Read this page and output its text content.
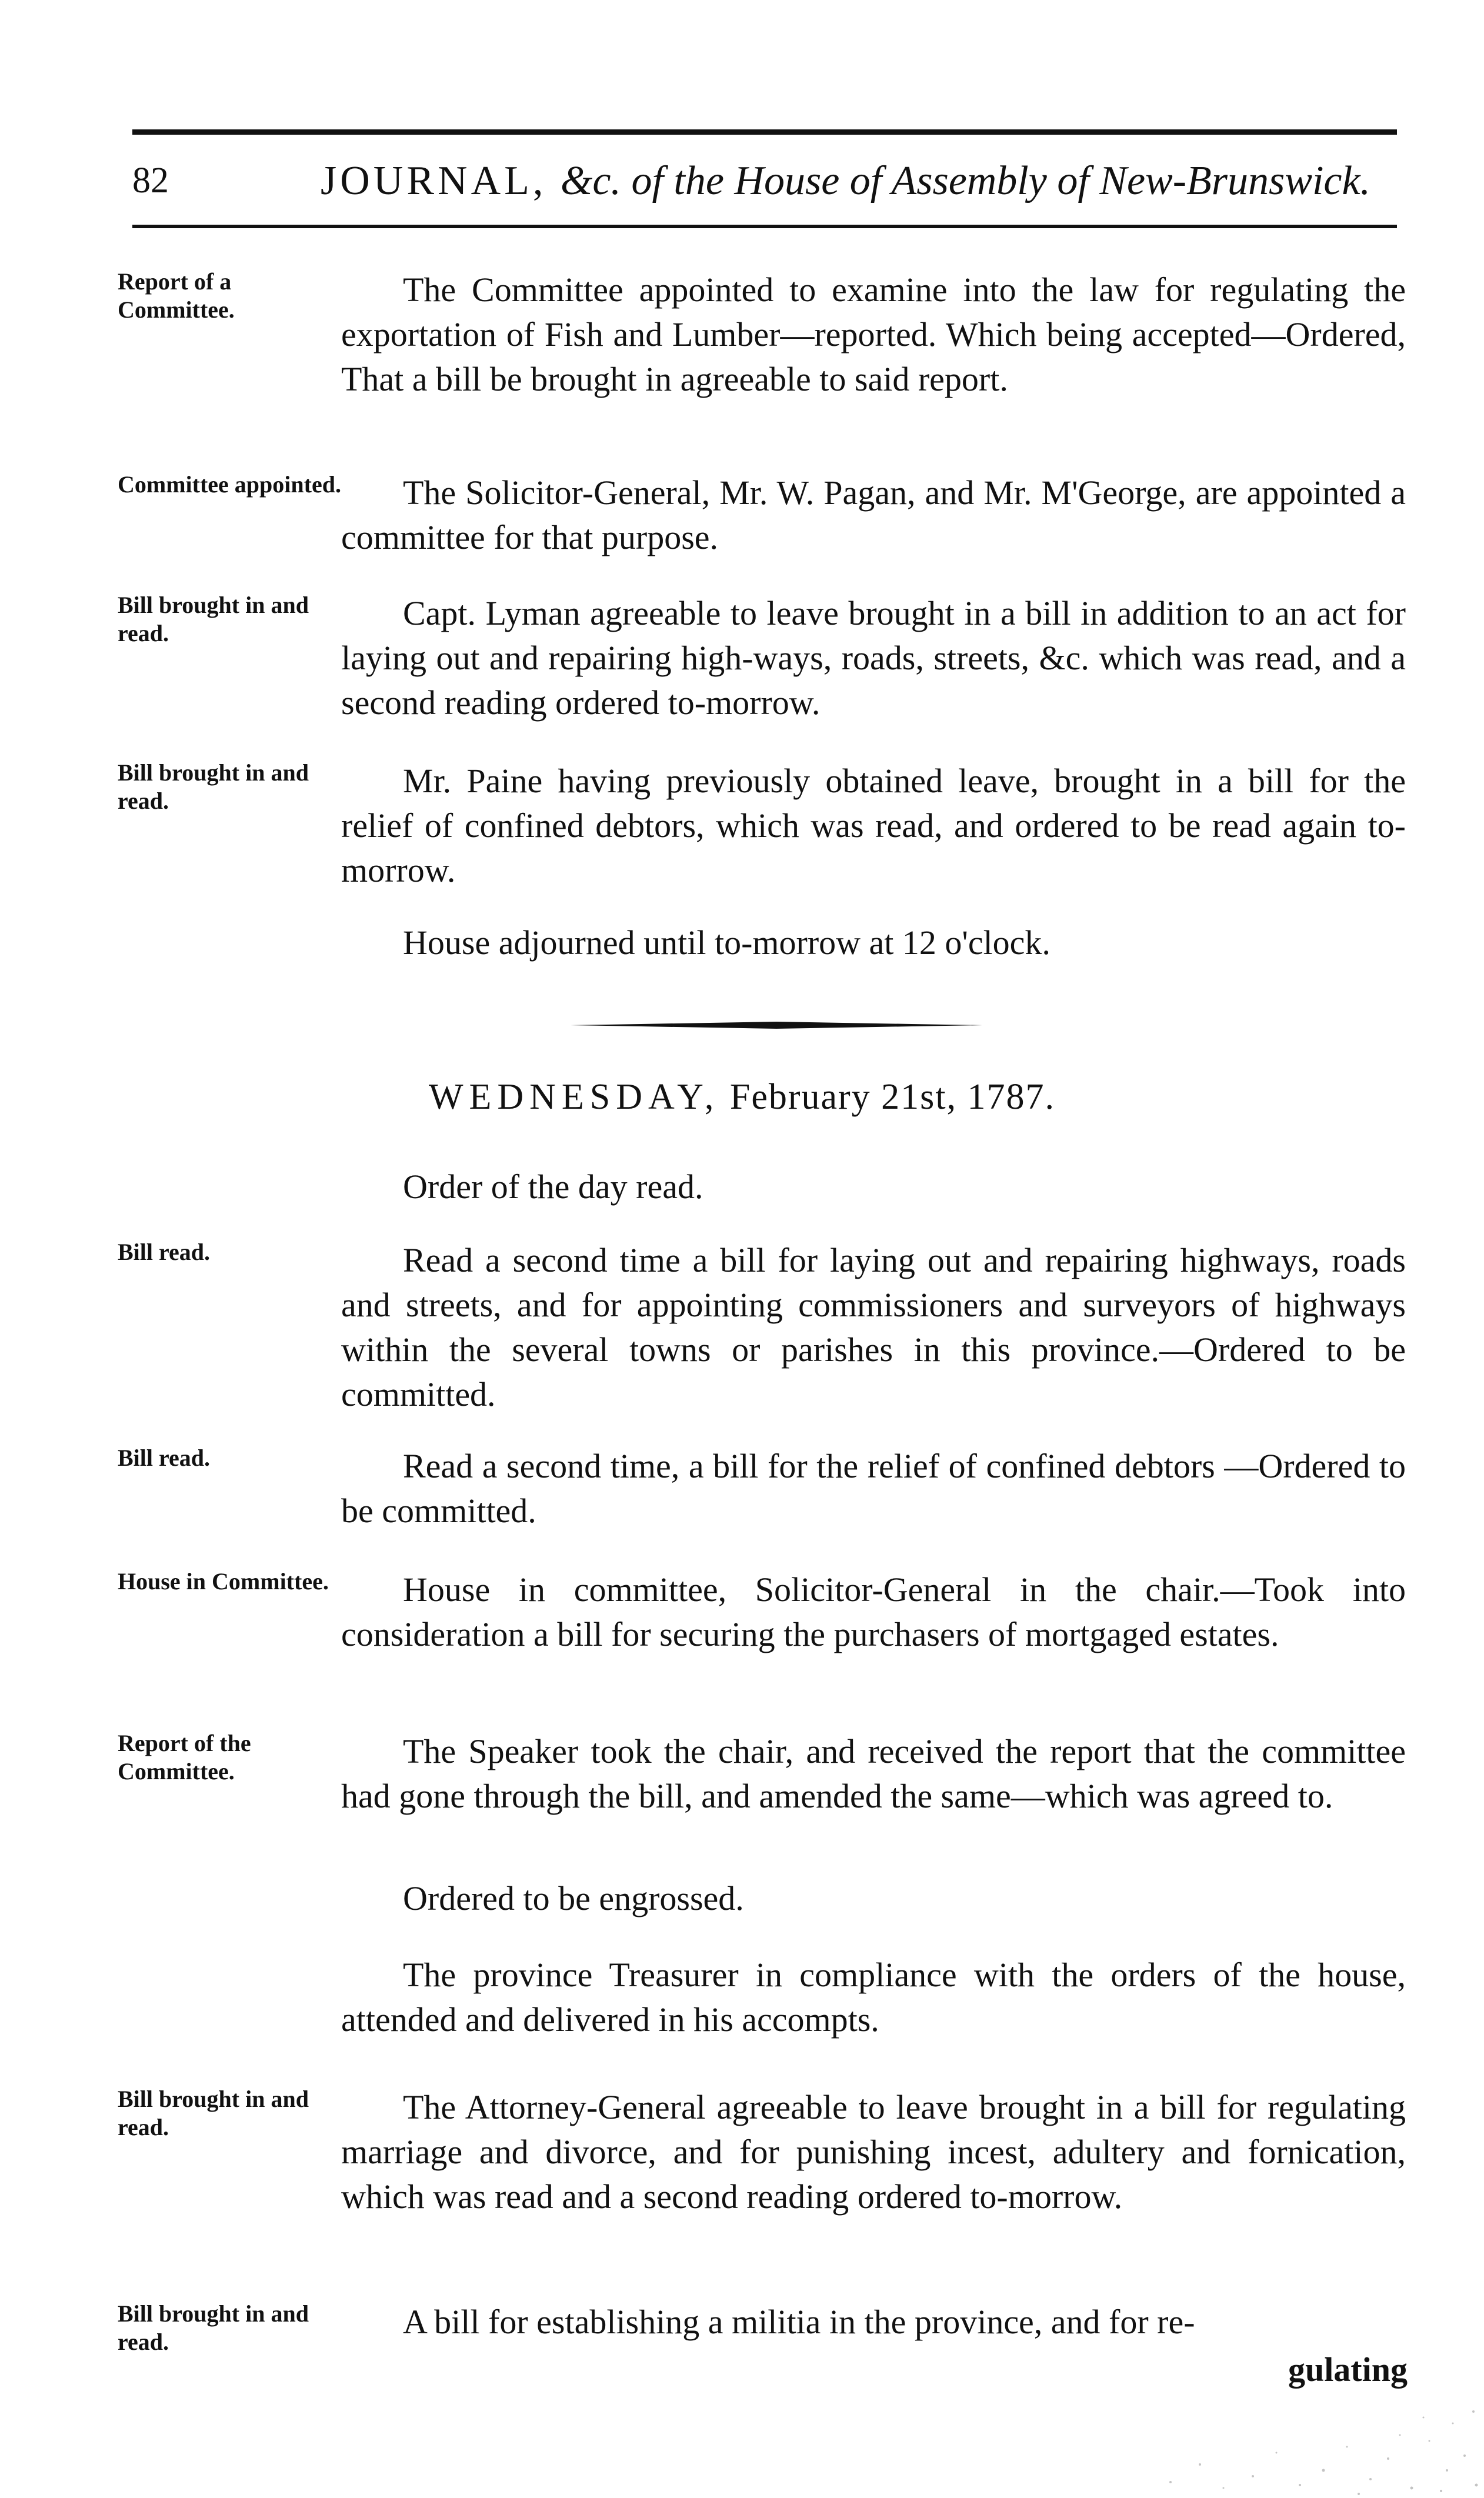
82	JOURNAL, &c. of the House of Assembly of New-Brunswick.
Report of a Committee.
The Committee appointed to examine into the law for regulating the exportation of Fish and Lumber—reported. Which being accepted—Ordered, That a bill be brought in agreeable to said report.
Committee appointed.	The Solicitor-General, Mr. W. Pagan, and Mr. M'George, are appointed a committee for that purpose.
Bill brought in and read.
Capt. Lyman agreeable to leave brought in a bill in addition to an act for laying out and repairing high-ways, roads, streets, &c. which was read, and a second reading ordered to-morrow.
Bill brought in and read.
Mr. Paine having previously obtained leave, brought in a bill for the relief of confined debtors, which was read, and ordered to be read again to-morrow.
House adjourned until to-morrow at 12 o'clock.
WEDNESDAY, February 21st, 1787.
Order of the day read.
Bill read.	Read a second time a bill for laying out and repairing highways, roads and streets, and for appointing commissioners and surveyors of highways within the several towns or parishes in this province.—Ordered to be committed.
Bill read.	Read a second time, a bill for the relief of confined debtors —Ordered to be committed.
House in Committee.	House in committee, Solicitor-General in the chair.—Took into consideration a bill for securing the purchasers of mortgaged estates.
Report of the Committee.
The Speaker took the chair, and received the report that the committee had gone through the bill, and amended the same—which was agreed to.
Ordered to be engrossed.
The province Treasurer in compliance with the orders of the house, attended and delivered in his accompts.
Bill brought in and read.
The Attorney-General agreeable to leave brought in a bill for regulating marriage and divorce, and for punishing incest, adultery and fornication, which was read and a second reading ordered to-morrow.
Bill brought in and read.
A bill for establishing a militia in the province, and for re-
gulating
